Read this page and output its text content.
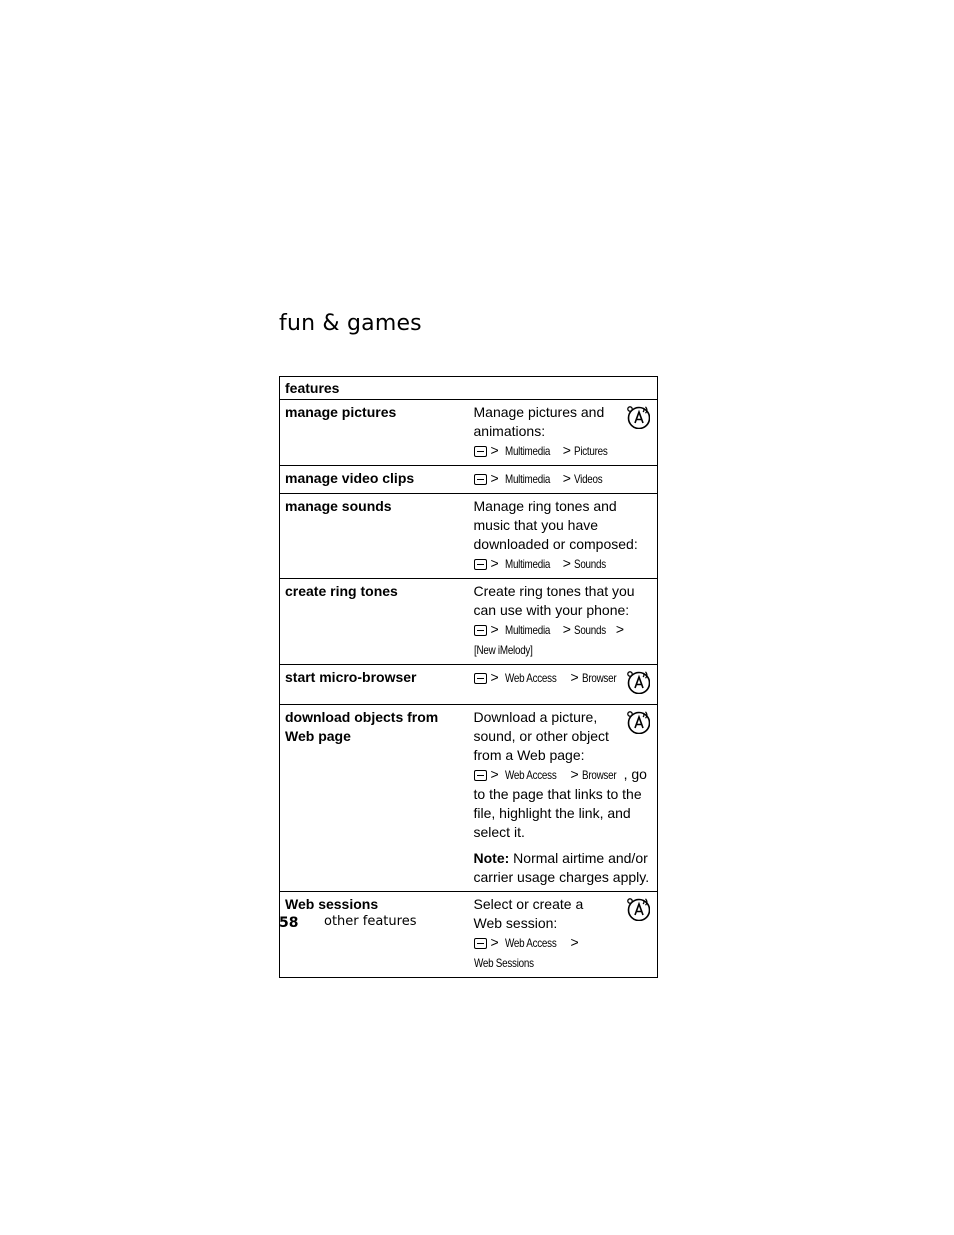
fun & games
features	
manage pictures	Manage pictures and animations:

> Multimedia > Pictures

manage video clips	> Multimedia > Videos

manage sounds	Manage ring tones and music that you have downloaded or composed:

> Multimedia > Sounds

create ring tones	Create ring tones that you can use with your phone:

> Multimedia > Sounds >[New iMelody]

start micro-browser	> Web Access > Browser

download objects from Web page	Download a picture, sound, or other object from a Web page:

> Web Access > Browser , go to the page that links to the file, highlight the link, and select it.

Note: Normal airtime and/or carrier usage charges apply.

Web sessions	Select or create a Web session:

> Web Access >Web Sessions

58 other features
